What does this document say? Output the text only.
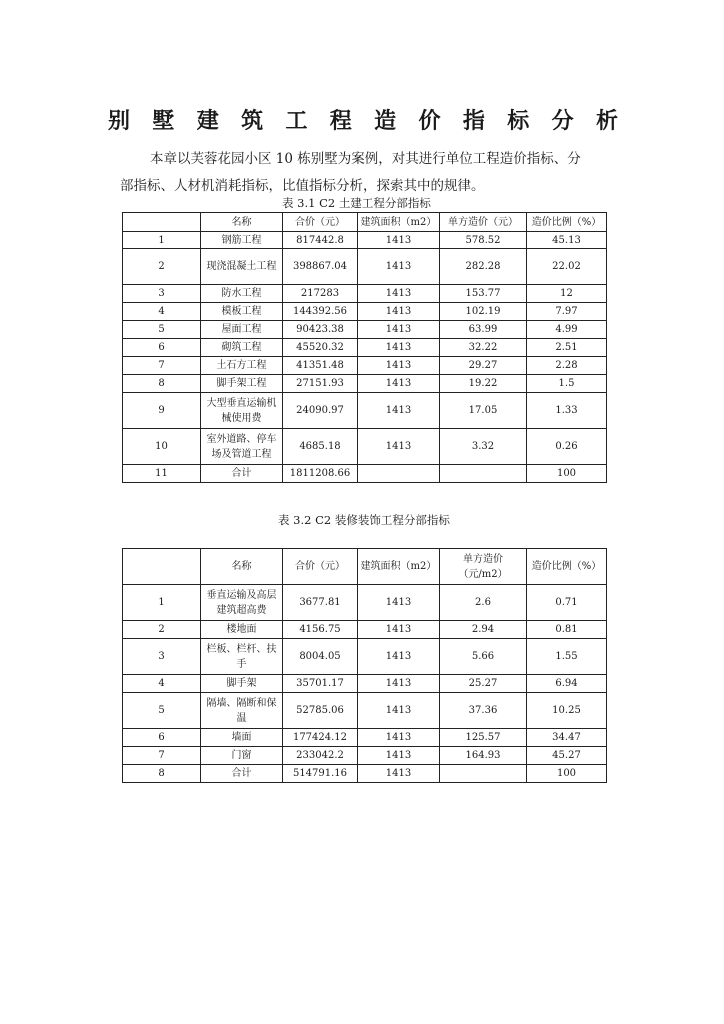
别 墅 建 筑 工 程 造 价 指 标 分 析

本章以芙蓉花园小区 10 栋别墅为案例，对其进行单位工程造价指标、分
部指标、人材机消耗指标，比值指标分析，探索其中的规律。

表 3.1 C2 土建工程分部指标
	名称	合价（元）	建筑面积（m2）	单方造价（元）	造价比例（%）
1	钢筋工程	817442.8	1413	578.52	45.13
2	现浇混凝土工程	398867.04	1413	282.28	22.02
3	防水工程	217283	1413	153.77	12
4	模板工程	144392.56	1413	102.19	7.97
5	屋面工程	90423.38	1413	63.99	4.99
6	砌筑工程	45520.32	1413	32.22	2.51
7	土石方工程	41351.48	1413	29.27	2.28
8	脚手架工程	27151.93	1413	19.22	1.5
9	大型垂直运输机械使用费	24090.97	1413	17.05	1.33
10	室外道路、停车场及管道工程	4685.18	1413	3.32	0.26
11	合计	1811208.66			100
表 3.2 C2 装修装饰工程分部指标
	名称	合价（元）	建筑面积（m2）	单方造价（元/m2）	造价比例（%）
1	垂直运输及高层建筑超高费	3677.81	1413	2.6	0.71
2	楼地面	4156.75	1413	2.94	0.81
3	栏板、栏杆、扶手	8004.05	1413	5.66	1.55
4	脚手架	35701.17	1413	25.27	6.94
5	隔墙、隔断和保温	52785.06	1413	37.36	10.25
6	墙面	177424.12	1413	125.57	34.47
7	门窗	233042.2	1413	164.93	45.27
8	合计	514791.16	1413		100
